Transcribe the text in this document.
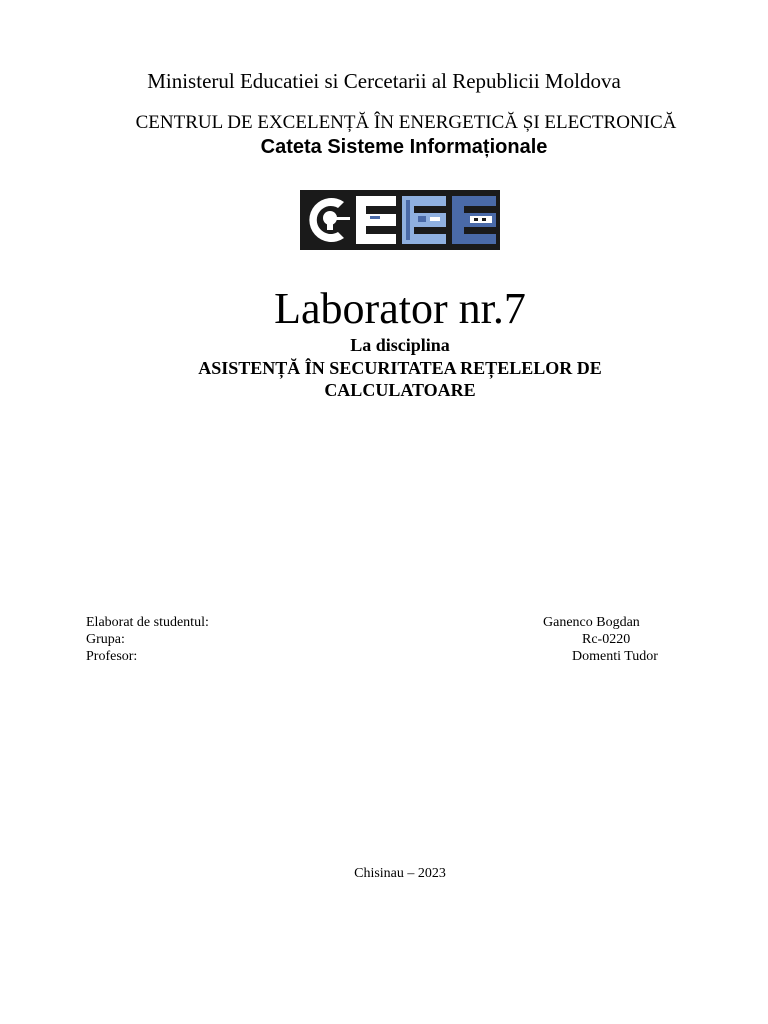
Ministerul Educatiei si Cercetarii al Republicii Moldova
CENTRUL DE EXCELENȚĂ ÎN ENERGETICĂ ȘI ELECTRONICĂ
Cateta Sisteme Informaționale
Laborator nr.7
La disciplina
ASISTENȚĂ ÎN SECURITATEA REȚELELOR DE
CALCULATOARE
Elaborat de studentul:
Grupa:
Profesor:
Ganenco Bogdan
Rc-0220
Domenti Tudor
Chisinau – 2023
